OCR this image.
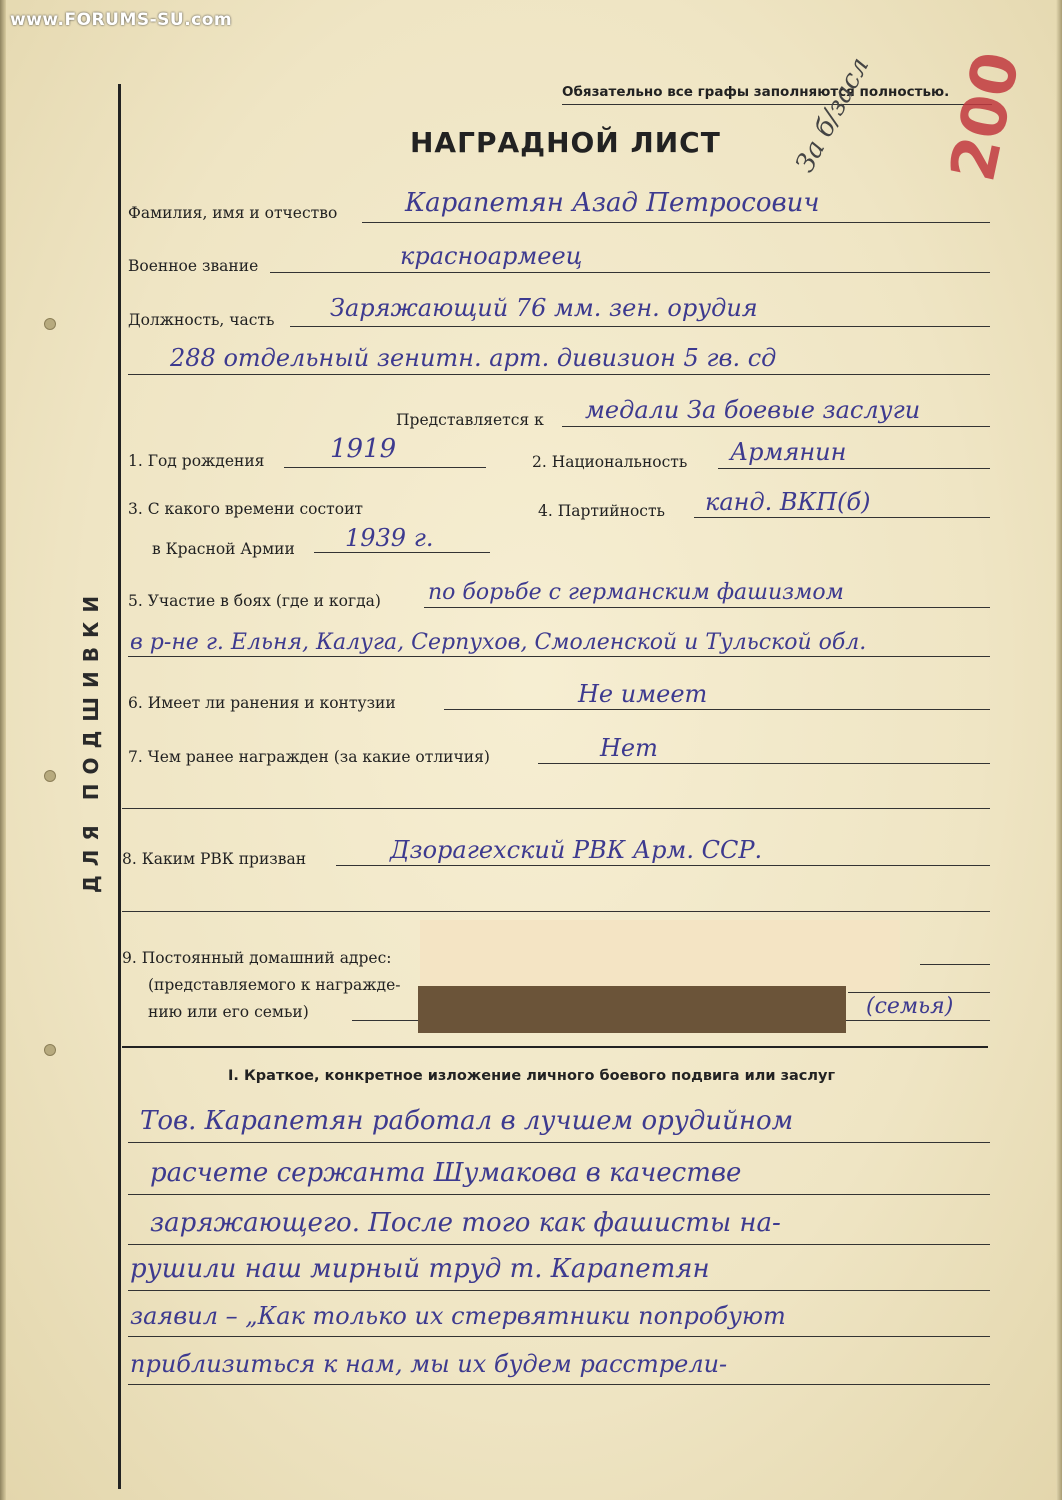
www.FORUMS-SU.com
ДЛЯ ПОДШИВКИ
Обязательно все графы заполняются полностью.
НАГРАДНОЙ ЛИСТ	За б/засл 200
Фамилия, имя и отчество	Карапетян Азад Петросович
Военное звание	красноармеец
Должность, часть Заряжающий 76 мм. зен. орудия
288 отдельный зенитн. арт. дивизион 5 гв. сд
Представляется к медали За боевые заслуги
1. Год рождения	1919	2. Национальность Армянин
3. С какого времени состоит
в Красной Армии 1939 г.
4. Партийность канд. ВКП(б)
5. Участие в боях (где и когда) по борьбе с германским фашизмом
в р-не г. Ельня, Калуга, Серпухов, Смоленской и Тульской обл.
6. Имеет ли ранения и контузии	Не имеет
7. Чем ранее награжден (за какие отличия)	Нет
8. Каким РВК призван	Дзорагехский РВК Арм. ССР.
9. Постоянный домашний адрес:
(представляемого к награжде-
нию или его семьи)	(семья)
I. Краткое, конкретное изложение личного боевого подвига или заслуг
Тов. Карапетян работал в лучшем орудийном
расчете сержанта Шумакова в качестве
заряжающего. После того как фашисты на-
рушили наш мирный труд т. Карапетян
заявил – „Как только их стервятники попробуют
приблизиться к нам, мы их будем расстрели-
